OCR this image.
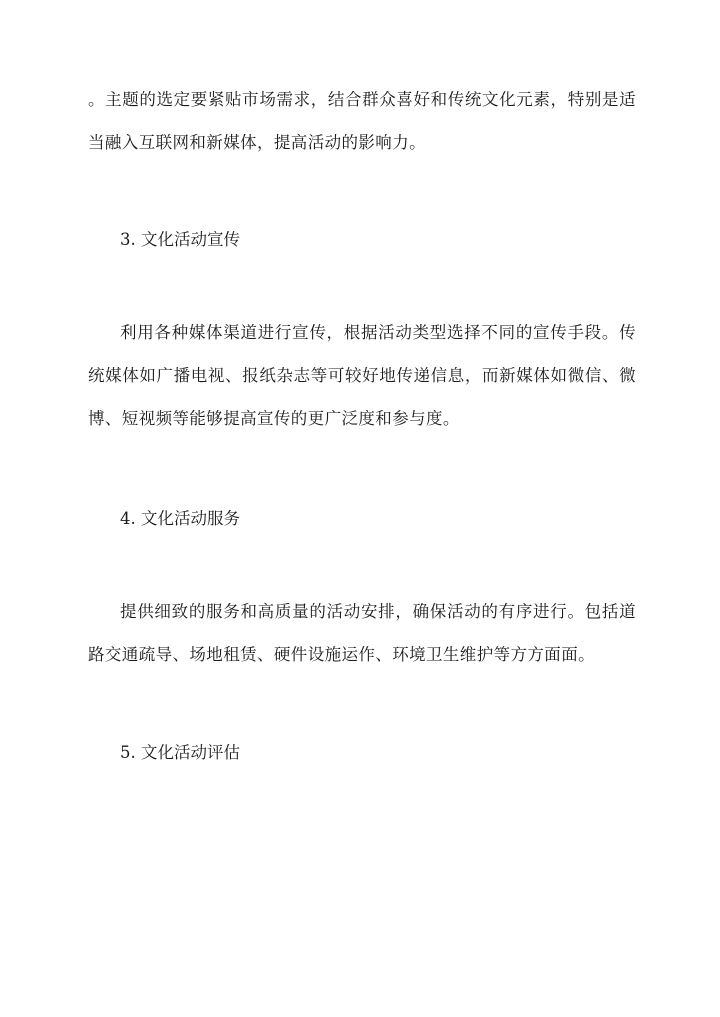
。主题的选定要紧贴市场需求，结合群众喜好和传统文化元素，特别是适当融入互联网和新媒体，提高活动的影响力。

3. 文化活动宣传

利用各种媒体渠道进行宣传，根据活动类型选择不同的宣传手段。传统媒体如广播电视、报纸杂志等可较好地传递信息，而新媒体如微信、微博、短视频等能够提高宣传的更广泛度和参与度。

4. 文化活动服务

提供细致的服务和高质量的活动安排，确保活动的有序进行。包括道路交通疏导、场地租赁、硬件设施运作、环境卫生维护等方方面面。

5. 文化活动评估
